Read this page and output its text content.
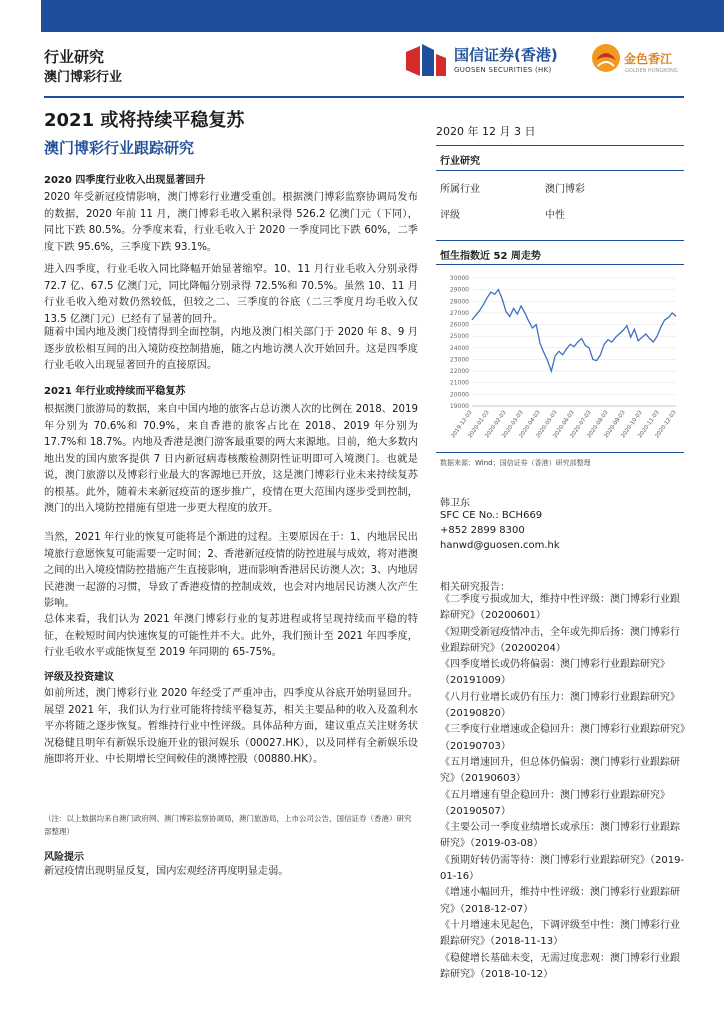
行业研究
澳门博彩行业
国信证券(香港)
GUOSEN SECURITIES (HK)
金色香江
GOLDEN HONGKONG
2021 或将持续平稳复苏
澳门博彩行业跟踪研究
2020 年 12 月 3 日
行业研究
所属行业	澳门博彩
评级	中性
恒生指数近 52 周走势
19000
20000
21000
22000
23000
24000
25000
26000
27000
28000
29000
30000
2019-12-03
2020-01-03
2020-02-03
2020-03-03
2020-04-03
2020-05-03
2020-06-03
2020-07-03
2020-08-03
2020-09-03
2020-10-03
2020-11-03
2020-12-03
数据来源：Wind；国信证券（香港）研究部整理
韩卫东
SFC CE No.: BCH669
+852 2899 8300
hanwd@guosen.com.hk
相关研究报告：
《二季度亏损或加大，维持中性评级：澳门博彩行业跟踪研究》（20200601）
《短期受新冠疫情冲击，全年或先抑后扬：澳门博彩行业跟踪研究》（20200204）
《四季度增长或仍将偏弱：澳门博彩行业跟踪研究》（20191009）
《八月行业增长或仍有压力：澳门博彩行业跟踪研究》（20190820）
《三季度行业增速或企稳回升：澳门博彩行业跟踪研究》（20190703）
《五月增速回升，但总体仍偏弱：澳门博彩行业跟踪研究》（20190603）
《五月增速有望企稳回升：澳门博彩行业跟踪研究》（20190507）
《主要公司一季度业绩增长或承压：澳门博彩行业跟踪研究》（2019-03-08）
《预期好转仍需等待：澳门博彩行业跟踪研究》（2019-01-16）
《增速小幅回升，维持中性评级：澳门博彩行业跟踪研究》（2018-12-07）
《十月增速未见起色，下调评级至中性：澳门博彩行业跟踪研究》（2018-11-13）
《稳健增长基础未变，无需过度悲观：澳门博彩行业跟踪研究》（2018-10-12）
2020 四季度行业收入出现显著回升
2020 年受新冠疫情影响，澳门博彩行业遭受重创。根据澳门博彩监察协调局发布的数据，2020 年前 11 月，澳门博彩毛收入累积录得 526.2 亿澳门元（下同），同比下跌 80.5%。分季度来看，行业毛收入于 2020 一季度同比下跌 60%，二季度下跌 95.6%，三季度下跌 93.1%。
进入四季度，行业毛收入同比降幅开始显著缩窄。10、11 月行业毛收入分别录得 72.7 亿、67.5 亿澳门元，同比降幅分别录得 72.5%和 70.5%。虽然 10、11 月行业毛收入绝对数仍然较低，但较之二、三季度的谷底（二三季度月均毛收入仅 13.5 亿澳门元）已经有了显著的回升。
随着中国内地及澳门疫情得到全面控制，内地及澳门相关部门于 2020 年 8、9 月逐步放松相互间的出入境防疫控制措施，随之内地访澳人次开始回升。这是四季度行业毛收入出现显著回升的直接原因。
2021 年行业或持续而平稳复苏
根据澳门旅游局的数据，来自中国内地的旅客占总访澳人次的比例在 2018、2019 年分别为 70.6%和 70.9%，来自香港的旅客占比在 2018、2019 年分别为 17.7%和 18.7%。内地及香港是澳门游客最重要的两大来源地。目前，绝大多数内地出发的国内旅客提供 7 日内新冠病毒核酸检测阴性证明即可入境澳门。也就是说，澳门旅游以及博彩行业最大的客源地已开放，这是澳门博彩行业未来持续复苏的根基。此外，随着未来新冠疫苗的逐步推广，疫情在更大范围内逐步受到控制，澳门的出入境防控措施有望进一步更大程度的放开。
当然，2021 年行业的恢复可能将是个渐进的过程。主要原因在于：1、内地居民出境旅行意愿恢复可能需要一定时间；2、香港新冠疫情的防控进展与成效，将对港澳之间的出入境疫情防控措施产生直接影响，进而影响香港居民访澳人次；3、内地居民港澳一起游的习惯，导致了香港疫情的控制成效，也会对内地居民访澳人次产生影响。
总体来看，我们认为 2021 年澳门博彩行业的复苏进程或将呈现持续而平稳的特征，在較短时间内快速恢复的可能性并不大。此外，我们预计至 2021 年四季度，行业毛收水平或能恢复至 2019 年同期的 65-75%。
评级及投资建议
如前所述，澳门博彩行业 2020 年经受了严重冲击，四季度从谷底开始明显回升。展望 2021 年，我们认为行业可能将持续平稳复苏，相关主要品种的收入及盈利水平亦将随之逐步恢复。暂维持行业中性评级。具体品种方面，建议重点关注财务状况稳健且明年有新娱乐设施开业的银河娱乐（00027.HK），以及同样有全新娱乐设施即将开业、中长期增长空间較佳的澳博控股（00880.HK）。
（注：以上数据均来自澳门政府网、澳门博彩监察协调局，澳门旅游局，上市公司公告，国信证券（香港）研究部整理）
风险提示
新冠疫情出现明显反复，国内宏观经济再度明显走弱。
